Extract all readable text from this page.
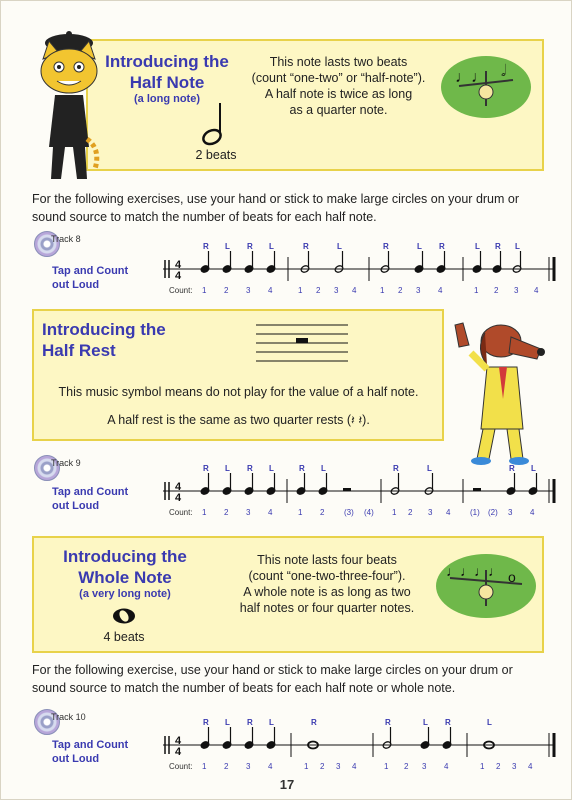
Introducing the Half Note
(a long note)
2 beats
This note lasts two beats
(count “one-two” or “half-note”).
A half note is twice as long
as a quarter note.
♩♩ 𝅗𝅥
For the following exercises, use your hand or stick to make large circles on your drum or sound source to match the number of beats for each half note.
Track 8
Tap and Count
out Loud
4
4
Count:
R L R L
1 2 3 4
R	L
1 2 3 4
R	L R
1 2 3 4
L R L
1 2 3 4
Introducing the Half Rest
This music symbol means do not play for the value of a half note.
A half rest is the same as two quarter rests (𝄽 𝄽).
Track 9
Tap and Count
out Loud
4
4
Count:
R L R L
1 2 3 4
R L
1 2 (3) (4)
R	L
1 2 3 4
R L
(1) (2) 3 4
Introducing the Whole Note
(a very long note)
4 beats
This note lasts four beats
(count “one-two-three-four”).
A whole note is as long as two
half notes or four quarter notes.
♩♩♩♩ o
For the following exercise, use your hand or stick to make large circles on your drum or sound source to match the number of beats for each half note or whole note.
Track 10
Tap and Count
out Loud
4
4
Count:
R L R L
1 2 3 4
R
1 2 3 4
R	L R
1 2 3 4
L
1 2 3 4
17
